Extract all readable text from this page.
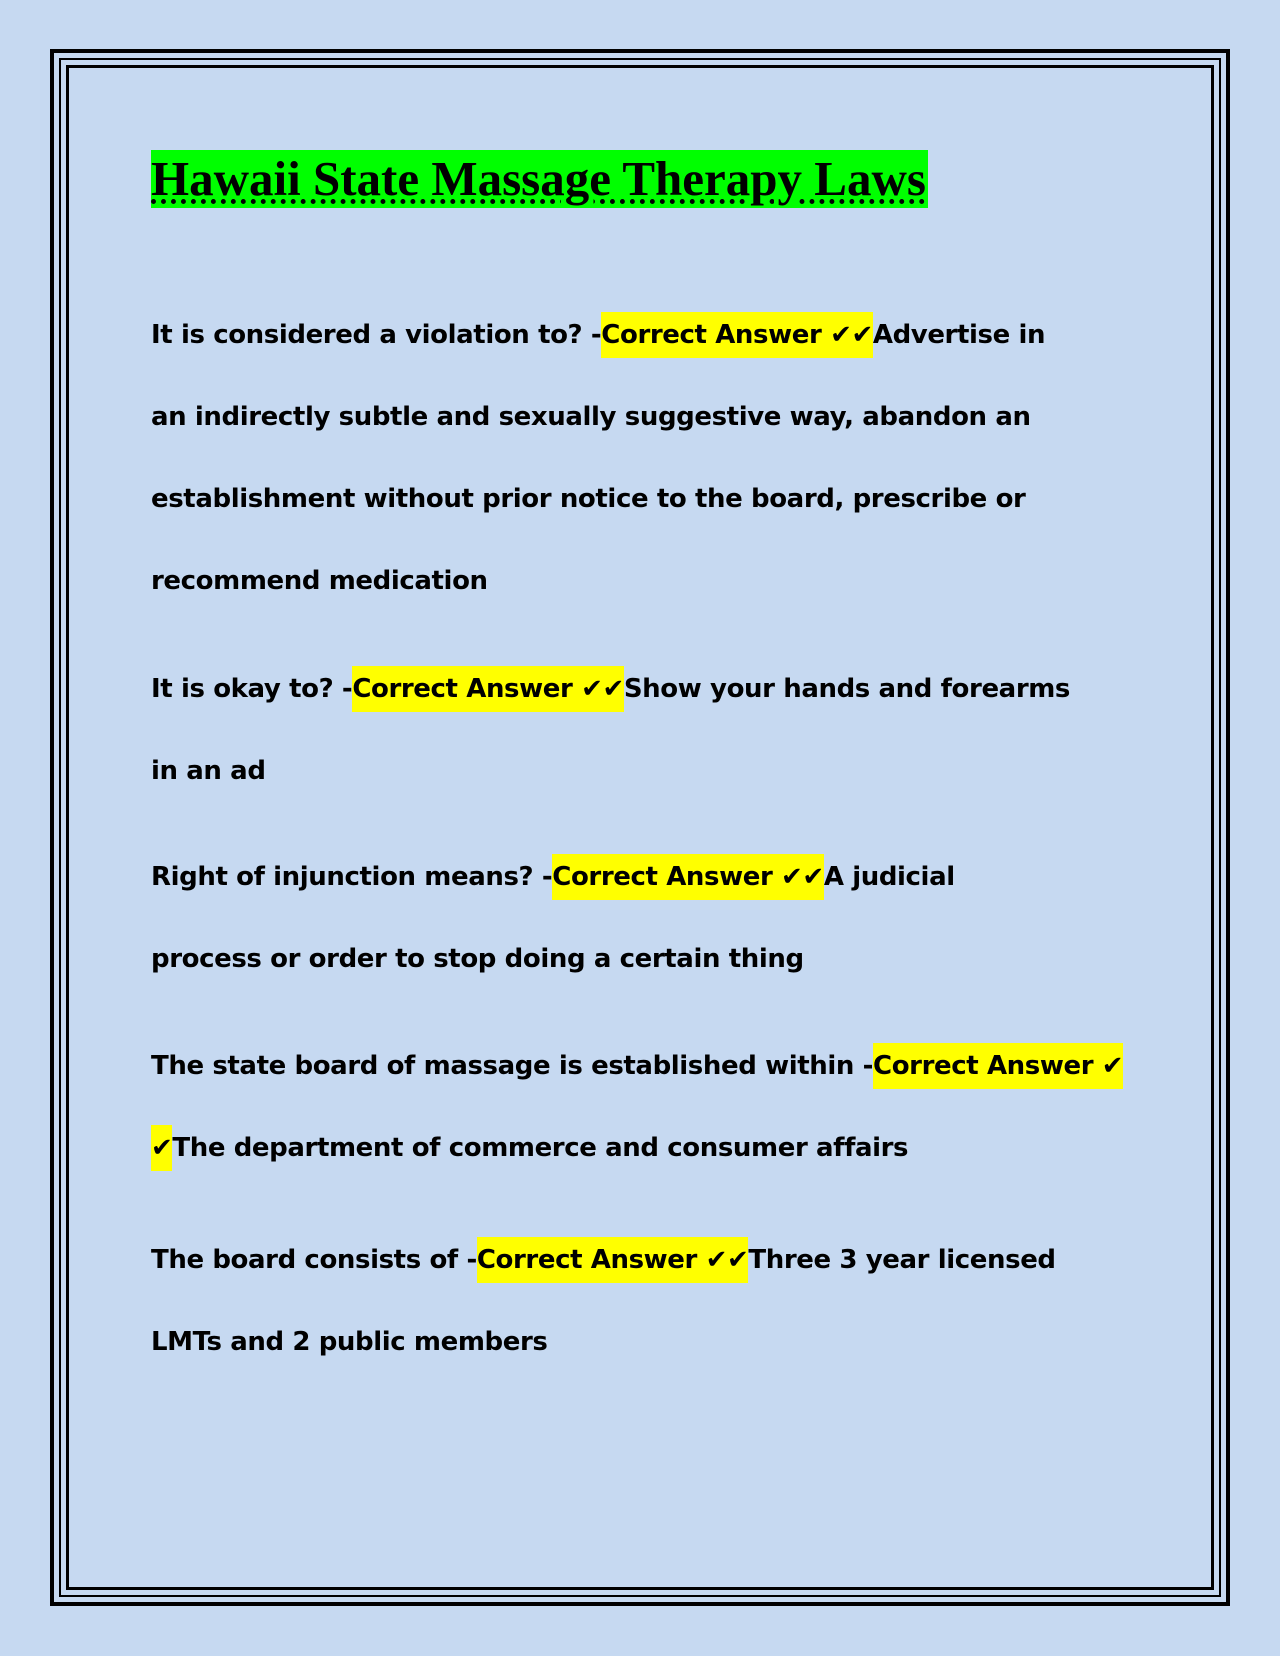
Hawaii State Massage Therapy Laws
It is considered a violation to? -Correct Answer ✔✔Advertise in
an indirectly subtle and sexually suggestive way, abandon an
establishment without prior notice to the board, prescribe or
recommend medication
It is okay to? -Correct Answer ✔✔Show your hands and forearms
in an ad
Right of injunction means? -Correct Answer ✔✔A judicial
process or order to stop doing a certain thing
The state board of massage is established within -Correct Answer ✔
✔The department of commerce and consumer affairs
The board consists of -Correct Answer ✔✔Three 3 year licensed
LMTs and 2 public members
